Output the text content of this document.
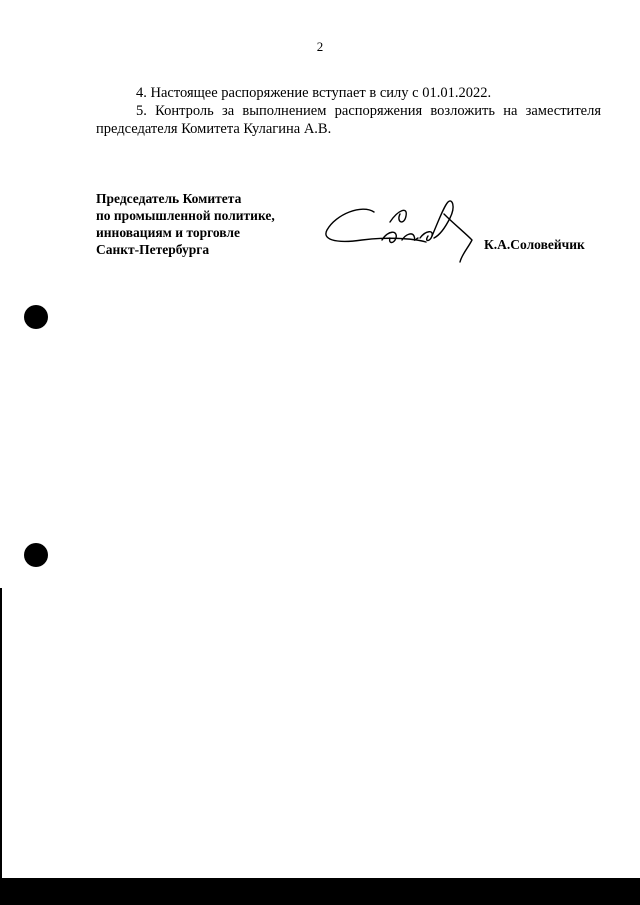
2

4. Настоящее распоряжение вступает в силу с 01.01.2022.

5. Контроль за выполнением распоряжения возложить на заместителя председателя Комитета Кулагина А.В.

Председатель Комитета
по промышленной политике,
инновациям и торговле
Санкт-Петербурга	К.А.Соловейчик
